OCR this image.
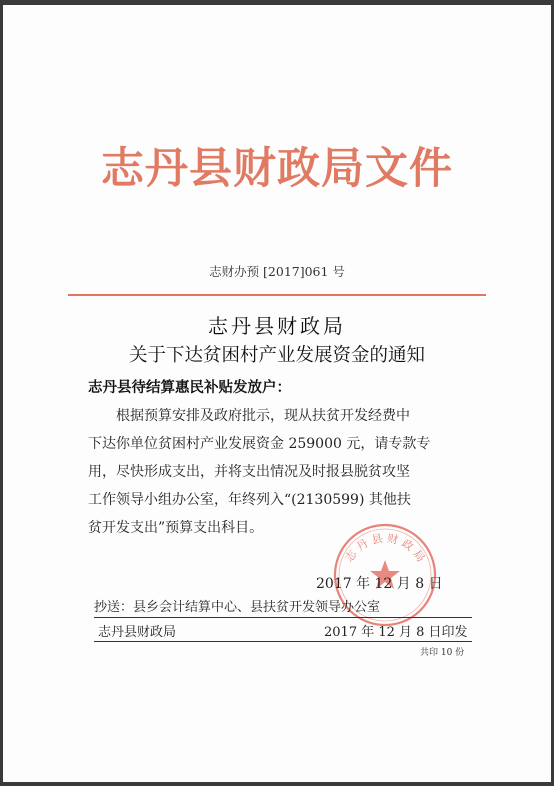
志丹县财政局文件
志财办预 [2017]061 号
志丹县财政局
关于下达贫困村产业发展资金的通知
志丹县待结算惠民补贴发放户：
根据预算安排及政府批示，现从扶贫开发经费中
下达你单位贫困村产业发展资金 259000 元，请专款专
用，尽快形成支出，并将支出情况及时报县脱贫攻坚
工作领导小组办公室，年终列入“(2130599) 其他扶
贫开发支出”预算支出科目。
志 丹 县 财 政 局
2017 年 12 月 8 日
抄送：县乡会计结算中心、县扶贫开发领导办公室
志丹县财政局	2017 年 12 月 8 日印发
共印 10 份
